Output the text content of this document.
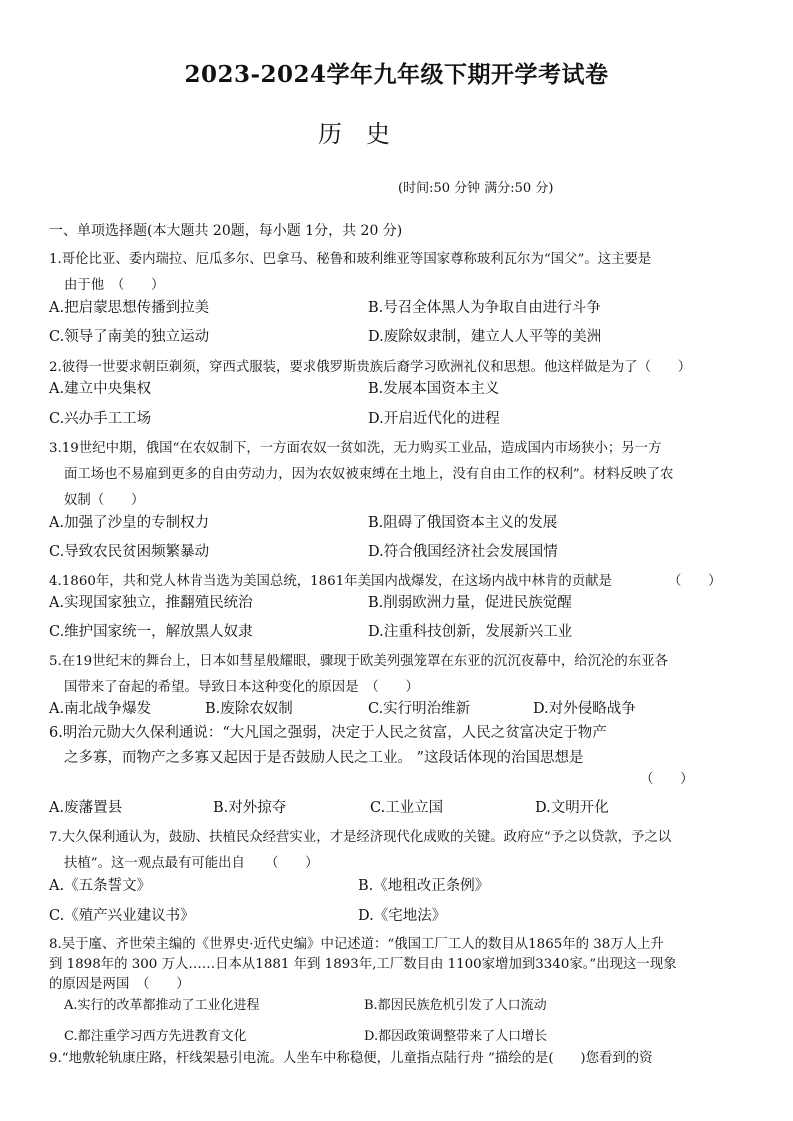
2023-2024学年九年级下期开学考试卷
历史
(时间:50 分钟 满分:50 分)
一、单项选择题(本大题共 20题，每小题 1分，共 20 分)
1.哥伦比亚、委内瑞拉、厄瓜多尔、巴拿马、秘鲁和玻利维亚等国家尊称玻利瓦尔为“国父”。这主要是
由于他　（　　）
A.把启蒙思想传播到拉美	B.号召全体黑人为争取自由进行斗争
C.领导了南美的独立运动	D.废除奴隶制，建立人人平等的美洲
2.彼得一世要求朝臣剃须，穿西式服装，要求俄罗斯贵族后裔学习欧洲礼仪和思想。他这样做是为了（　　）
A.建立中央集权	B.发展本国资本主义
C.兴办手工工场	D.开启近代化的进程
3.19世纪中期，俄国“在农奴制下，一方面农奴一贫如洗，无力购买工业品，造成国内市场狭小；另一方
面工场也不易雇到更多的自由劳动力，因为农奴被束缚在土地上，没有自由工作的权利”。材料反映了农
奴制（　　）
A.加强了沙皇的专制权力	B.阻碍了俄国资本主义的发展
C.导致农民贫困频繁暴动	D.符合俄国经济社会发展国情
4.1860年，共和党人林肯当选为美国总统，1861年美国内战爆发，在这场内战中林肯的贡献是	（　　）
A.实现国家独立，推翻殖民统治	B.削弱欧洲力量，促进民族觉醒
C.维护国家统一，解放黑人奴隶	D.注重科技创新，发展新兴工业
5.在19世纪末的舞台上，日本如彗星般耀眼，骤现于欧美列强笼罩在东亚的沉沉夜幕中，给沉沦的东亚各
国带来了奋起的希望。导致日本这种变化的原因是　（　　）
A.南北战争爆发	B.废除农奴制	C.实行明治维新	D.对外侵略战争
6.明治元勋大久保利通说：“大凡国之强弱，决定于人民之贫富，人民之贫富决定于物产
之多寡，而物产之多寡又起因于是否鼓励人民之工业。 ”这段话体现的治国思想是
（　　）
A.废藩置县	B.对外掠夺	C.工业立国	D.文明开化
7.大久保利通认为，鼓励、扶植民众经营实业，才是经济现代化成败的关键。政府应“予之以贷款，予之以
扶植”。这一观点最有可能出自　　（　　）
A.《五条誓文》	B.《地租改正条例》
C.《殖产兴业建议书》	D.《宅地法》
8.吴于廑、齐世荣主编的《世界史·近代史编》中记述道：“俄国工厂工人的数目从1865年的 38万人上升
到 1898年的 300 万人……日本从1881 年到 1893年,工厂数目由 1100家增加到3340家。”出现这一现象
的原因是两国　（　　）
A.实行的改革都推动了工业化进程	B.都因民族危机引发了人口流动
C.都注重学习西方先进教育文化	D.都因政策调整带来了人口增长
9.“地敷轮轨康庄路，杆线架悬引电流。人坐车中称稳便，儿童指点陆行舟 ”描绘的是(　　)您看到的资
